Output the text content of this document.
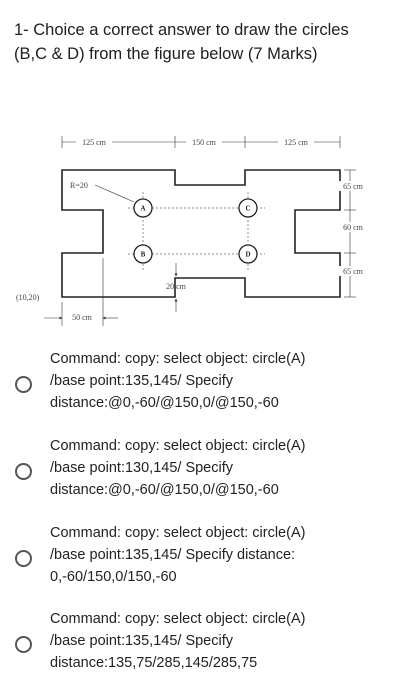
1- Choice a correct answer to draw the circles (B,C & D) from the figure below (7 Marks)
A	C
B	D
125 cm	150 cm	125 cm
65 cm
60 cm
65 cm
R=20
20 cm
(10,20)
50 cm
Command: copy: select object: circle(A)
/base point:135,145/ Specify
distance:@0,-60/@150,0/@150,-60
Command: copy: select object: circle(A)
/base point:130,145/ Specify
distance:@0,-60/@150,0/@150,-60
Command: copy: select object: circle(A)
/base point:135,145/ Specify distance:
0,-60/150,0/150,-60
Command: copy: select object: circle(A)
/base point:135,145/ Specify
distance:135,75/285,145/285,75
